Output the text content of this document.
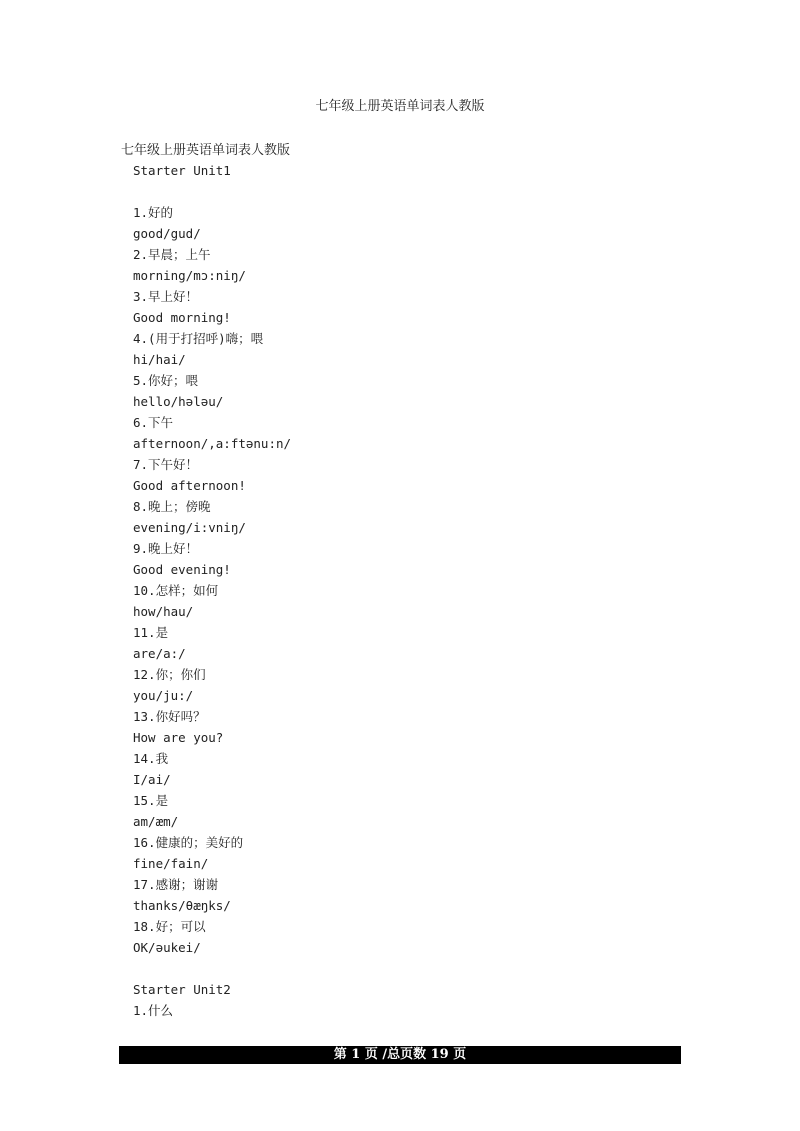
七年级上册英语单词表人教版
七年级上册英语单词表人教版
Starter Unit1
1.好的
good/gud/
2.早晨；上午
morning/mɔ:niŋ/
3.早上好！
Good morning!
4.(用于打招呼)嗨；喂
hi/hai/
5.你好；喂
hello/hələu/
6.下午
afternoon/,a:ftənu:n/
7.下午好！
Good afternoon!
8.晚上；傍晚
evening/i:vniŋ/
9.晚上好！
Good evening!
10.怎样；如何
how/hau/
11.是
are/a:/
12.你；你们
you/ju:/
13.你好吗？
How are you?
14.我
I/ai/
15.是
am/æm/
16.健康的；美好的
fine/fain/
17.感谢；谢谢
thanks/θæŋks/
18.好；可以
OK/əukei/
Starter Unit2
1.什么
第 1 页 /总页数 19 页
